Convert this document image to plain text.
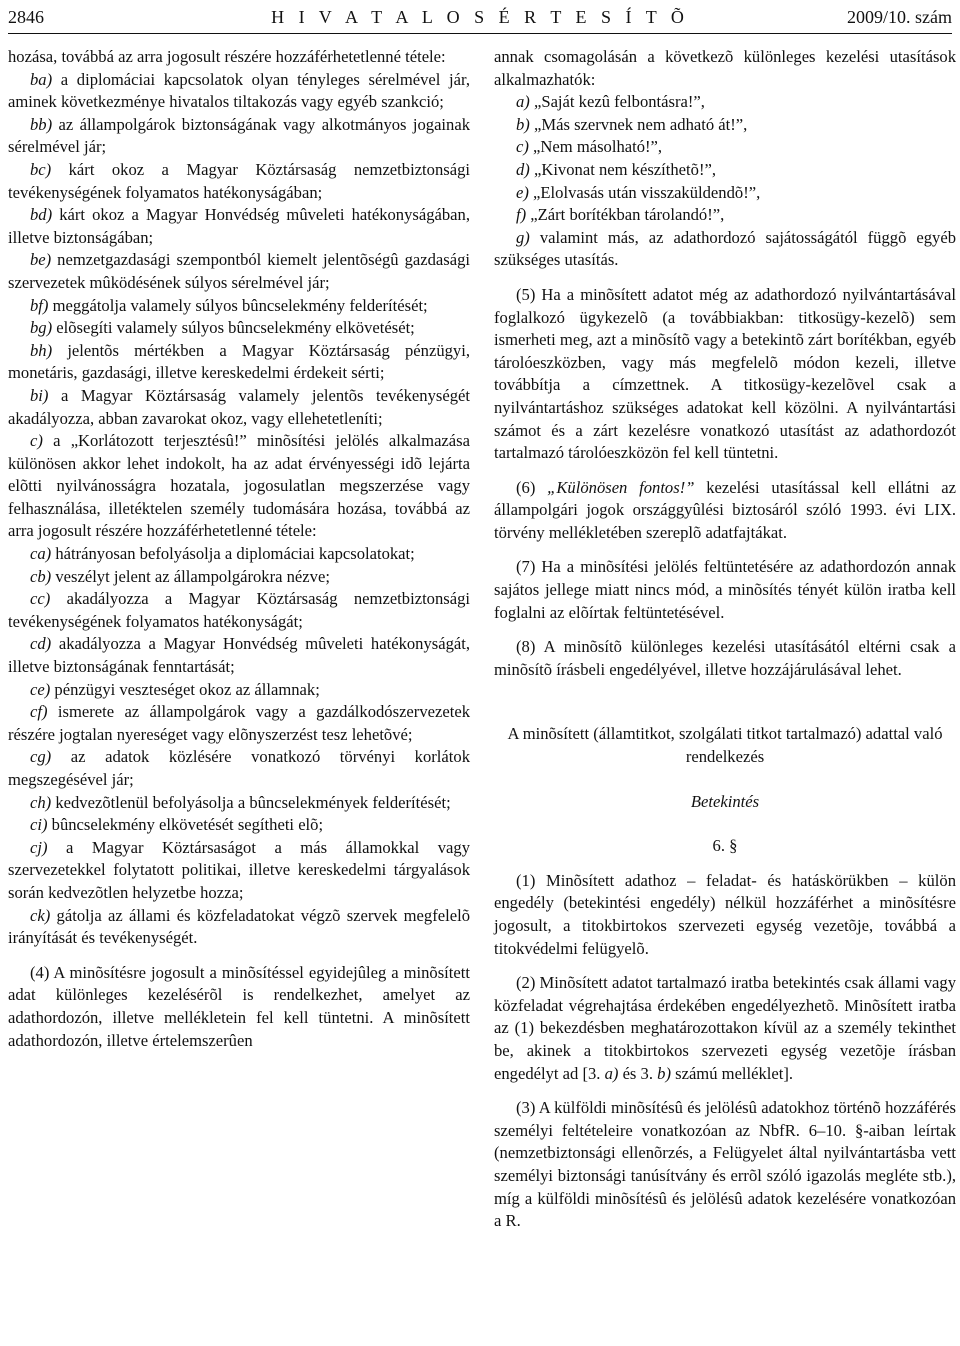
2846	H I V A T A L O S É R T E S Í T Õ	2009/10. szám

hozása, továbbá az arra jogosult részére hozzáférhetetlenné tétele:

ba) a diplomáciai kapcsolatok olyan tényleges sérelmével jár, aminek következménye hivatalos tiltakozás vagy egyéb szankció;

bb) az állampolgárok biztonságának vagy alkotmányos jogainak sérelmével jár;

bc) kárt okoz a Magyar Köztársaság nemzetbiztonsági tevékenységének folyamatos hatékonyságában;

bd) kárt okoz a Magyar Honvédség mûveleti hatékonyságában, illetve biztonságában;

be) nemzetgazdasági szempontból kiemelt jelentõségû gazdasági szervezetek mûködésének súlyos sérelmével jár;

bf) meggátolja valamely súlyos bûncselekmény felderítését;

bg) elõsegíti valamely súlyos bûncselekmény elkövetését;

bh) jelentõs mértékben a Magyar Köztársaság pénzügyi, monetáris, gazdasági, illetve kereskedelmi érdekeit sérti;

bi) a Magyar Köztársaság valamely jelentõs tevékenységét akadályozza, abban zavarokat okoz, vagy ellehetetleníti;

c) a „Korlátozott terjesztésû!” minõsítési jelölés alkalmazása különösen akkor lehet indokolt, ha az adat érvényességi idõ lejárta elõtti nyilvánosságra hozatala, jogosulatlan megszerzése vagy felhasználása, illetéktelen személy tudomására hozása, továbbá az arra jogosult részére hozzáférhetetlenné tétele:

ca) hátrányosan befolyásolja a diplomáciai kapcsolatokat;

cb) veszélyt jelent az állampolgárokra nézve;

cc) akadályozza a Magyar Köztársaság nemzetbiztonsági tevékenységének folyamatos hatékonyságát;

cd) akadályozza a Magyar Honvédség mûveleti hatékonyságát, illetve biztonságának fenntartását;

ce) pénzügyi veszteséget okoz az államnak;

cf) ismerete az állampolgárok vagy a gazdálkodószervezetek részére jogtalan nyereséget vagy elõnyszerzést tesz lehetõvé;

cg) az adatok közlésére vonatkozó törvényi korlátok megszegésével jár;

ch) kedvezõtlenül befolyásolja a bûncselekmények felderítését;

ci) bûncselekmény elkövetését segítheti elõ;

cj) a Magyar Köztársaságot a más államokkal vagy szervezetekkel folytatott politikai, illetve kereskedelmi tárgyalások során kedvezõtlen helyzetbe hozza;

ck) gátolja az állami és közfeladatokat végzõ szervek megfelelõ irányítását és tevékenységét.

(4) A minõsítésre jogosult a minõsítéssel egyidejûleg a minõsített adat különleges kezelésérõl is rendelkezhet, amelyet az adathordozón, illetve mellékletein fel kell tüntetni. A minõsített adathordozón, illetve értelemszerûen

annak csomagolásán a következõ különleges kezelési utasítások alkalmazhatók:

a) „Saját kezû felbontásra!”,

b) „Más szervnek nem adható át!”,

c) „Nem másolható!”,

d) „Kivonat nem készíthetõ!”,

e) „Elolvasás után visszaküldendõ!”,

f) „Zárt borítékban tárolandó!”,

g) valamint más, az adathordozó sajátosságától függõ egyéb szükséges utasítás.

(5) Ha a minõsített adatot még az adathordozó nyilvántartásával foglalkozó ügykezelõ (a továbbiakban: titkosügy-kezelõ) sem ismerheti meg, azt a minõsítõ vagy a betekintõ zárt borítékban, egyéb tárolóeszközben, vagy más megfelelõ módon kezeli, illetve továbbítja a címzettnek. A titkosügy-kezelõvel csak a nyilvántartáshoz szükséges adatokat kell közölni. A nyilvántartási számot és a zárt kezelésre vonatkozó utasítást az adathordozót tartalmazó tárolóeszközön fel kell tüntetni.

(6) „Különösen fontos!” kezelési utasítással kell ellátni az állampolgári jogok országgyûlési biztosáról szóló 1993. évi LIX. törvény mellékletében szereplõ adatfajtákat.

(7) Ha a minõsítési jelölés feltüntetésére az adathordozón annak sajátos jellege miatt nincs mód, a minõsítés tényét külön iratba kell foglalni az elõírtak feltüntetésével.

(8) A minõsítõ különleges kezelési utasításától eltérni csak a minõsítõ írásbeli engedélyével, illetve hozzájárulásával lehet.

A minõsített (államtitkot, szolgálati titkot tartalmazó) adattal való rendelkezés

Betekintés

6. §

(1) Minõsített adathoz – feladat- és hatáskörükben – külön engedély (betekintési engedély) nélkül hozzáférhet a minõsítésre jogosult, a titokbirtokos szervezeti egység vezetõje, továbbá a titokvédelmi felügyelõ.

(2) Minõsített adatot tartalmazó iratba betekintés csak állami vagy közfeladat végrehajtása érdekében engedélyezhetõ. Minõsített iratba az (1) bekezdésben meghatározottakon kívül az a személy tekinthet be, akinek a titokbirtokos szervezeti egység vezetõje írásban engedélyt ad [3. a) és 3. b) számú melléklet].

(3) A külföldi minõsítésû és jelölésû adatokhoz történõ hozzáférés személyi feltételeire vonatkozóan az NbfR. 6–10. §-aiban leírtak (nemzetbiztonsági ellenõrzés, a Felügyelet által nyilvántartásba vett személyi biztonsági tanúsítvány és errõl szóló igazolás megléte stb.), míg a külföldi minõsítésû és jelölésû adatok kezelésére vonatkozóan a R.
